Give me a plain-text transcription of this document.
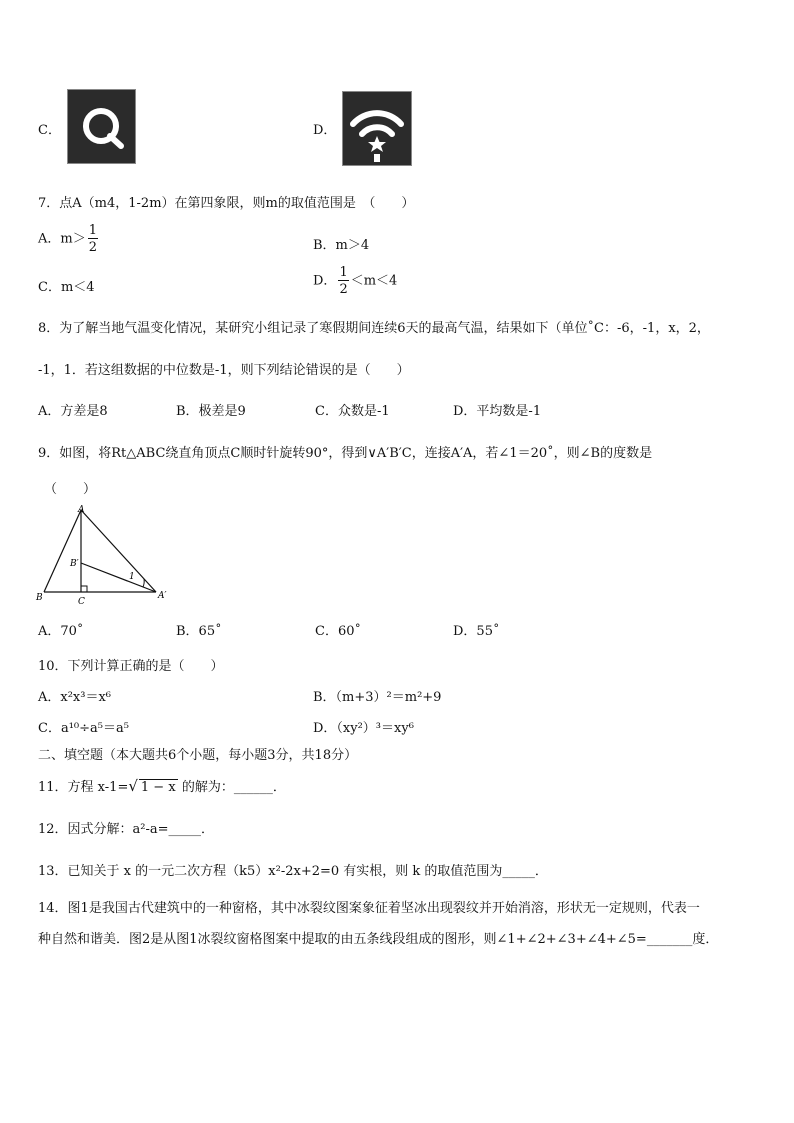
C．	D．
7．点A（m4，1-2m）在第四象限，则m的取值范围是　（　　）
A．$m> \frac{1}{2}$	B．m＞4
C．m＜4	D． $\frac{1}{2} <m<4$
8．为了解当地气温变化情况，某研究小组记录了寒假期间连续6天的最高气温，结果如下（单位˚C：-6，-1，x，2，
-1，1．若这组数据的中位数是-1，则下列结论错误的是（　　）
A．方差是8	B．极差是9	C．众数是-1	D．平均数是-1
9．如图，将Rt△ABC绕直角顶点C顺时针旋转90°，得到∨A′B′C，连接A′A，若∠1＝20˚，则∠B的度数是
（　　）
A
B	C
B′
A′
1
A．70˚	B．65˚	C．60˚	D．55˚
10．下列计算正确的是（　　）
A．x²x³＝x⁶	B．（m+3）²＝m²+9
C．a¹⁰÷a⁵＝a⁵	D．（xy²）³＝xy⁶
二、填空题（本大题共6个小题，每小题3分，共18分）
11．方程 x-1=√ 1 − x 的解为：______．
12．因式分解：a²-a=_____．
13．已知关于 x 的一元二次方程（k5）x²-2x+2=0 有实根，则 k 的取值范围为_____．
14．图1是我国古代建筑中的一种窗格，其中冰裂纹图案象征着坚冰出现裂纹并开始消溶，形状无一定规则，代表一
种自然和谐美．图2是从图1冰裂纹窗格图案中提取的由五条线段组成的图形，则∠1+∠2+∠3+∠4+∠5=_______度．
